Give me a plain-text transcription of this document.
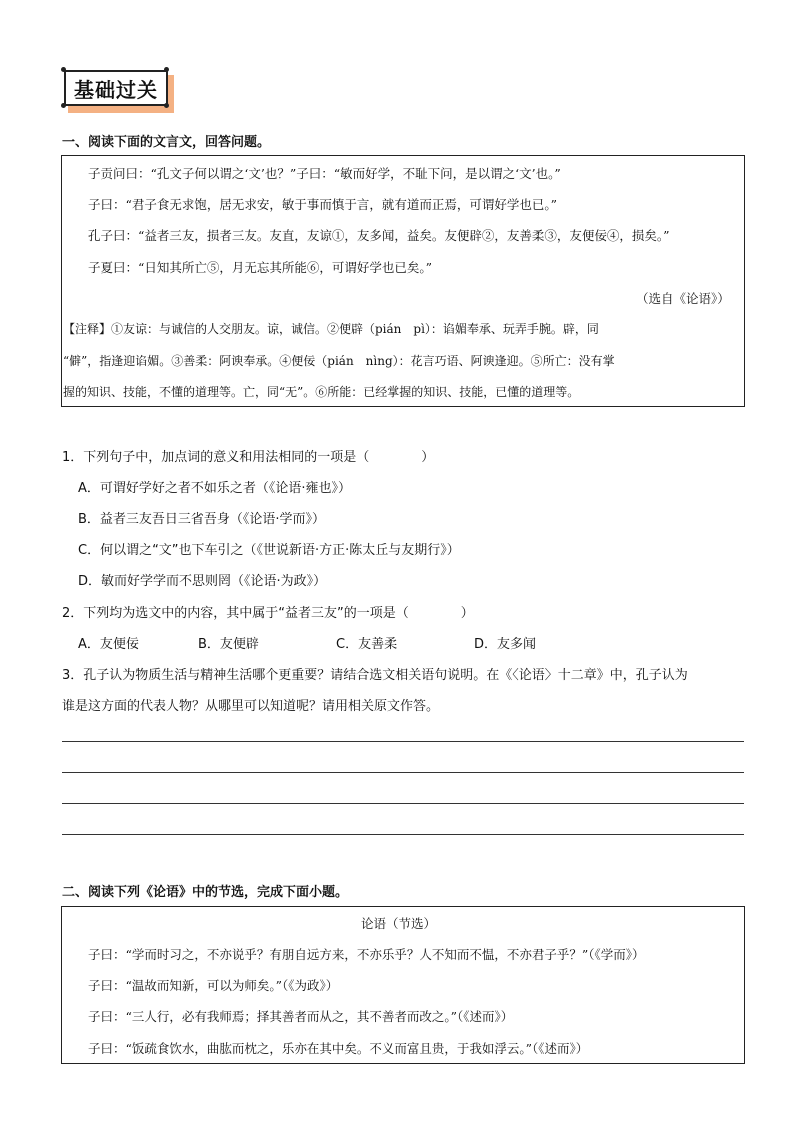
基础过关
一、阅读下面的文言文，回答问题。
子贡问曰：“孔文子何以谓之‘文’也？”子曰：“敏而好学，不耻下问，是以谓之‘文’也。”
子曰：“君子食无求饱，居无求安，敏于事而慎于言，就有道而正焉，可谓好学也已。”
孔子曰：“益者三友，损者三友。友直，友谅①，友多闻，益矣。友便辟②，友善柔③，友便佞④，损矣。”
子夏曰：“日知其所亡⑤，月无忘其所能⑥，可谓好学也已矣。”
（选自《论语》）
【注释】①友谅：与诚信的人交朋友。谅，诚信。②便辟（pián　pì）：谄媚奉承、玩弄手腕。辟，同
“僻”，指逢迎谄媚。③善柔：阿谀奉承。④便佞（pián　nìng）：花言巧语、阿谀逢迎。⑤所亡：没有掌
握的知识、技能，不懂的道理等。亡，同“无”。⑥所能：已经掌握的知识、技能，已懂的道理等。
1．下列句子中，加点词的意义和用法相同的一项是（　　　　）
A．可谓好学好之者不如乐之者（《论语·雍也》）
B．益者三友吾日三省吾身（《论语·学而》）
C．何以谓之“文”也下车引之（《世说新语·方正·陈太丘与友期行》）
D．敏而好学学而不思则罔（《论语·为政》）
2．下列均为选文中的内容，其中属于“益者三友”的一项是（　　　　）
A．友便佞	B．友便辟	C．友善柔	D．友多闻
3．孔子认为物质生活与精神生活哪个更重要？请结合选文相关语句说明。在《〈论语〉十二章》中，孔子认为
谁是这方面的代表人物？从哪里可以知道呢？请用相关原文作答。
二、阅读下列《论语》中的节选，完成下面小题。
论语（节选）
子曰：“学而时习之，不亦说乎？有朋自远方来，不亦乐乎？人不知而不愠，不亦君子乎？”（《学而》）
子曰：“温故而知新，可以为师矣。”（《为政》）
子曰：“三人行，必有我师焉；择其善者而从之，其不善者而改之。”（《述而》）
子曰：“饭疏食饮水，曲肱而枕之，乐亦在其中矣。不义而富且贵，于我如浮云。”（《述而》）
